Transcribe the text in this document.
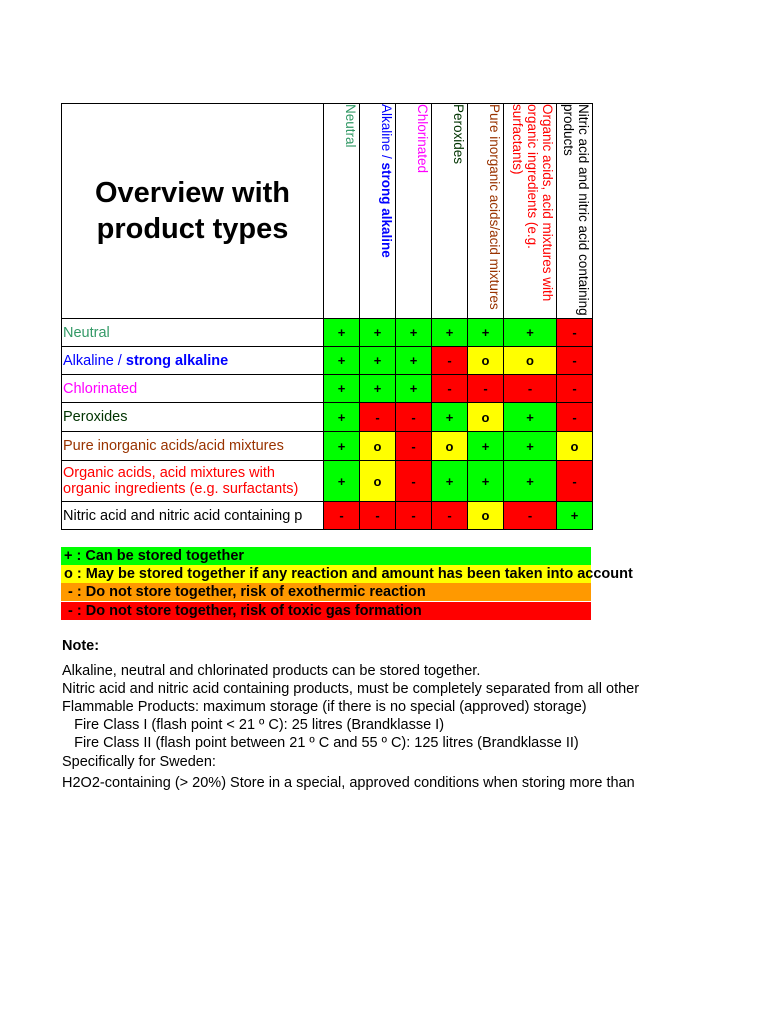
Overview with product types	Neutral	Alkaline / strong alkaline	Chlorinated	Peroxides	Pure inorganic acids/acid mixtures	Organic acids, acid mixtures with organic ingredients (e.g. surfactants)	Nitric acid and nitric acid containing products

Neutral	+	+	+	+	+	+	-
Alkaline / strong alkaline	+	+	+	-	o	o	-
Chlorinated	+	+	+	-	-	-	-
Peroxides	+	-	-	+	o	+	-
Pure inorganic acids/acid mixtures	+	o	-	o	+	+	o
Organic acids, acid mixtures with organic ingredients (e.g. surfactants)	+	o	-	+	+	+	-
Nitric acid and nitric acid containing p	-	-	-	-	o	-	+
+ : Can be stored together
o : May be stored together if any reaction and amount has been taken into account
- : Do not store together, risk of exothermic reaction
- : Do not store together, risk of toxic gas formation
Note:
Alkaline, neutral and chlorinated products can be stored together.
Nitric acid and nitric acid containing products, must be completely separated from all other
Flammable Products: maximum storage (if there is no special (approved) storage)
Fire Class I (flash point < 21 º C): 25 litres (Brandklasse I)
Fire Class II (flash point between 21 º C and 55 º C): 125 litres (Brandklasse II)
Specifically for Sweden:
H2O2-containing (> 20%) Store in a special, approved conditions when storing more than
